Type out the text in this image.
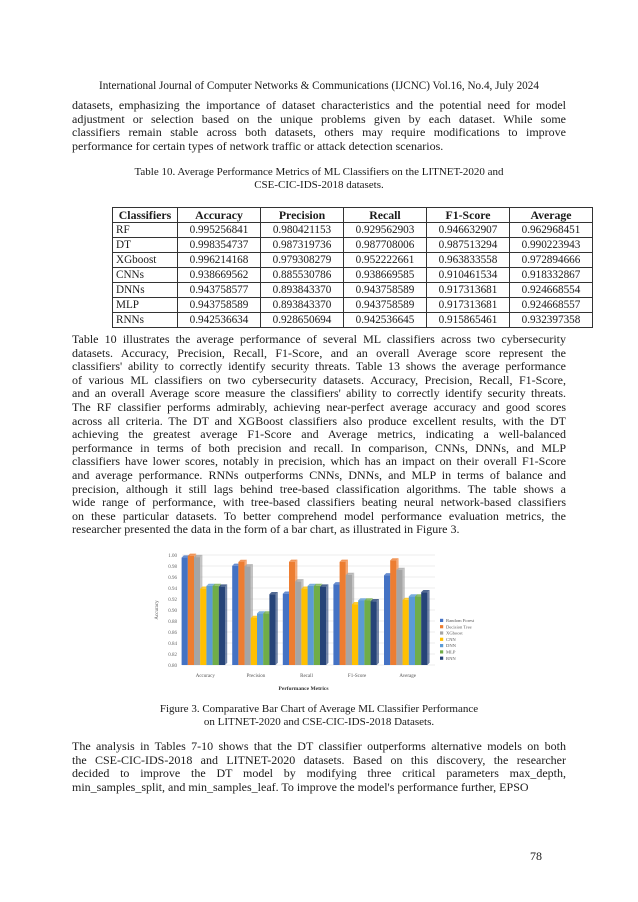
International Journal of Computer Networks & Communications (IJCNC) Vol.16, No.4, July 2024
datasets, emphasizing the importance of dataset characteristics and the potential need for model
adjustment or selection based on the unique problems given by each dataset. While some
classifiers remain stable across both datasets, others may require modifications to improve
performance for certain types of network traffic or attack detection scenarios.
Table 10. Average Performance Metrics of ML Classifiers on the LITNET-2020 and
CSE-CIC-IDS-2018 datasets.
Classifiers	Accuracy	Precision	Recall	F1-Score	Average
RF	0.995256841	0.980421153	0.929562903	0.946632907	0.962968451
DT	0.998354737	0.987319736	0.987708006	0.987513294	0.990223943
XGboost	0.996214168	0.979308279	0.952222661	0.963833558	0.972894666
CNNs	0.938669562	0.885530786	0.938669585	0.910461534	0.918332867
DNNs	0.943758577	0.893843370	0.943758589	0.917313681	0.924668554
MLP	0.943758589	0.893843370	0.943758589	0.917313681	0.924668557
RNNs	0.942536634	0.928650694	0.942536645	0.915865461	0.932397358
Table 10 illustrates the average performance of several ML classifiers across two cybersecurity
datasets. Accuracy, Precision, Recall, F1-Score, and an overall Average score represent the
classifiers' ability to correctly identify security threats. Table 13 shows the average performance
of various ML classifiers on two cybersecurity datasets. Accuracy, Precision, Recall, F1-Score,
and an overall Average score measure the classifiers' ability to correctly identify security threats.
The RF classifier performs admirably, achieving near-perfect average accuracy and good scores
across all criteria. The DT and XGBoost classifiers also produce excellent results, with the DT
achieving the greatest average F1-Score and Average metrics, indicating a well-balanced
performance in terms of both precision and recall. In comparison, CNNs, DNNs, and MLP
classifiers have lower scores, notably in precision, which has an impact on their overall F1-Score
and average performance. RNNs outperforms CNNs, DNNs, and MLP in terms of balance and
precision, although it still lags behind tree-based classification algorithms. The table shows a
wide range of performance, with tree-based classifiers beating neural network-based classifiers
on these particular datasets. To better comprehend model performance evaluation metrics, the
researcher presented the data in the form of a bar chart, as illustrated in Figure 3.
0.80
0.82
0.84
0.86
0.88
0.90
0.92
0.94
0.96
0.98
1.00
Accuracy
Performance Metrics
Accuracy	Precision	Recall	F1-Score	Average
Random Forest
Decision Tree
XGboost
CNN
DNN
MLP
RNN
Figure 3. Comparative Bar Chart of Average ML Classifier Performance
on LITNET-2020 and CSE-CIC-IDS-2018 Datasets.
The analysis in Tables 7-10 shows that the DT classifier outperforms alternative models on both
the CSE-CIC-IDS-2018 and LITNET-2020 datasets. Based on this discovery, the researcher
decided to improve the DT model by modifying three critical parameters max_depth,
min_samples_split, and min_samples_leaf. To improve the model's performance further, EPSO
78
